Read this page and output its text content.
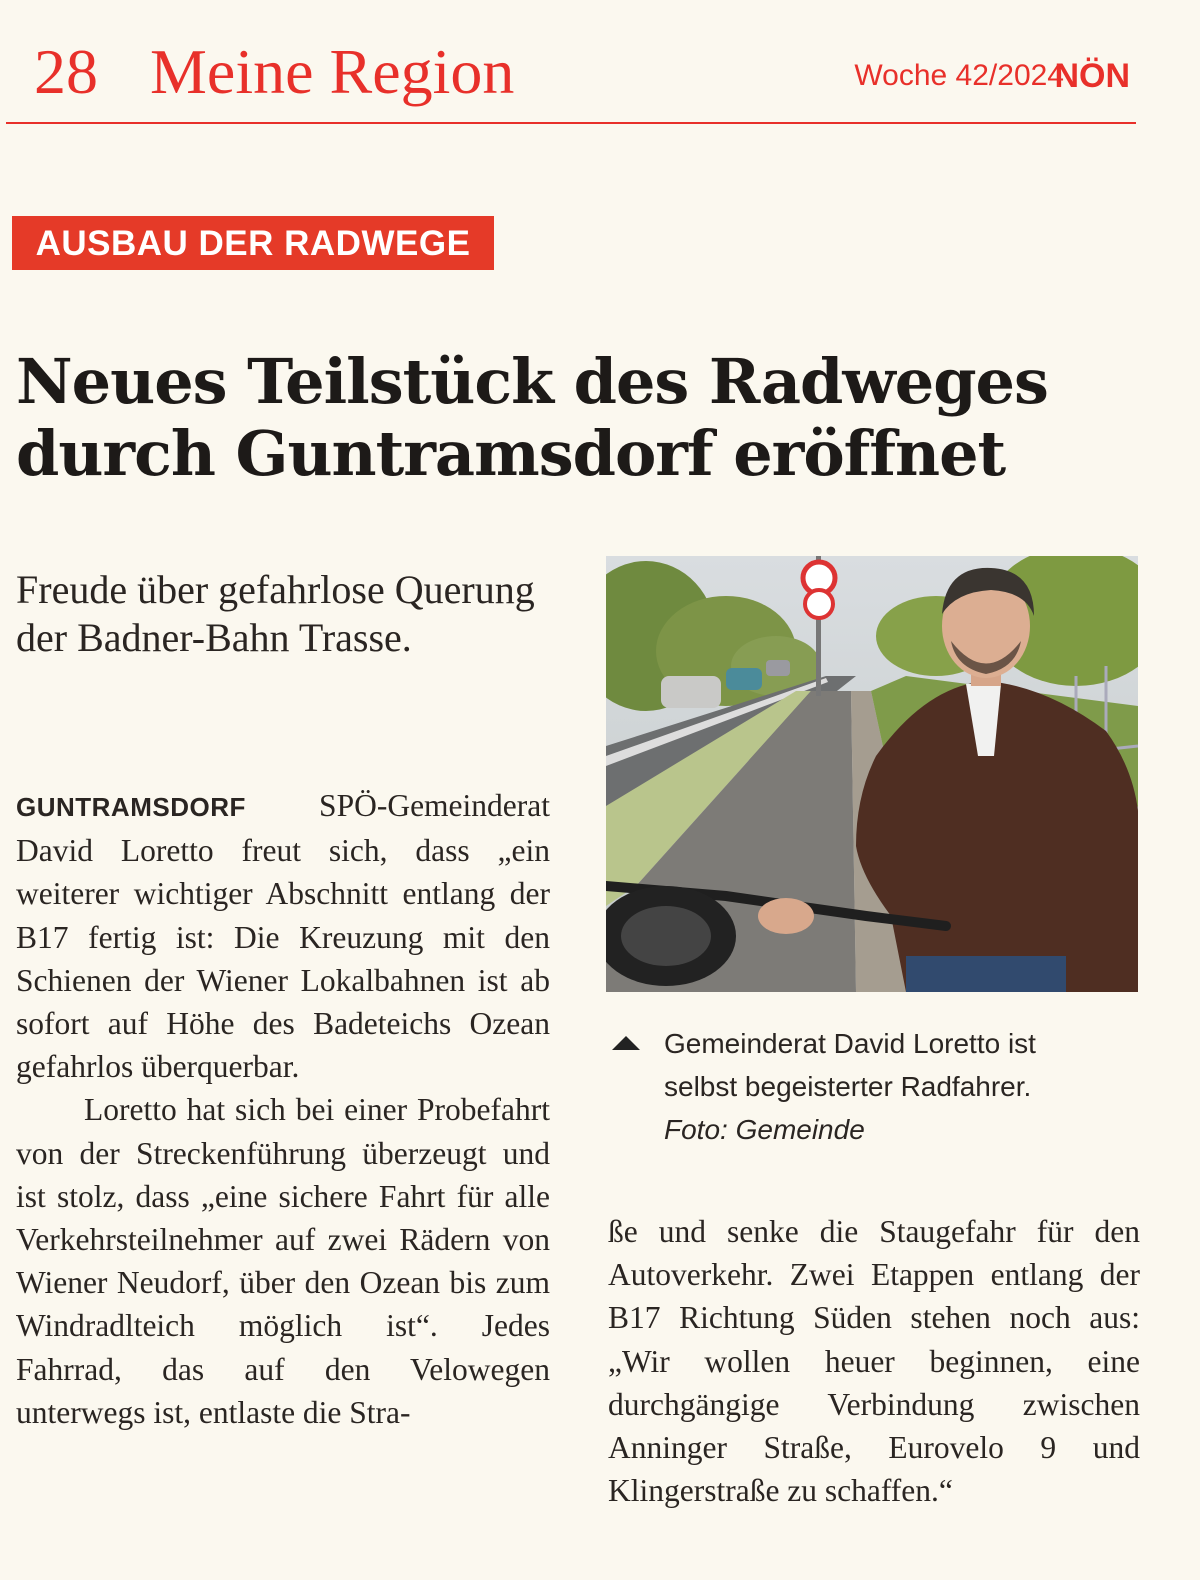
28 Meine Region	Woche 42/2024
NÖN
AUSBAU DER RADWEGE
Neues Teilstück des Radweges durch Guntramsdorf eröffnet
Freude über gefahrlose Querung der Badner-Bahn Trasse.

GUNTRAMSDORF SPÖ-Gemeinderat David Loretto freut sich, dass „ein weiterer wichtiger Abschnitt entlang der B17 fertig ist: Die Kreuzung mit den Schienen der Wiener Lokalbahnen ist ab sofort auf Höhe des Badeteichs Ozean gefahrlos überquerbar.

Loretto hat sich bei einer Probefahrt von der Streckenführung überzeugt und ist stolz, dass „eine sichere Fahrt für alle Verkehrsteilnehmer auf zwei Rädern von Wiener Neudorf, über den Ozean bis zum Windradlteich möglich ist“. Jedes Fahrrad, das auf den Velowegen unterwegs ist, entlaste die Stra-

Gemeinderat David Loretto ist selbst begeisterter Radfahrer.
Foto: Gemeinde

ße und senke die Staugefahr für den Autoverkehr. Zwei Etappen entlang der B17 Richtung Süden stehen noch aus: „Wir wollen heuer beginnen, eine durchgängige Verbindung zwischen Anninger Straße, Eurovelo 9 und Klingerstraße zu schaffen.“
